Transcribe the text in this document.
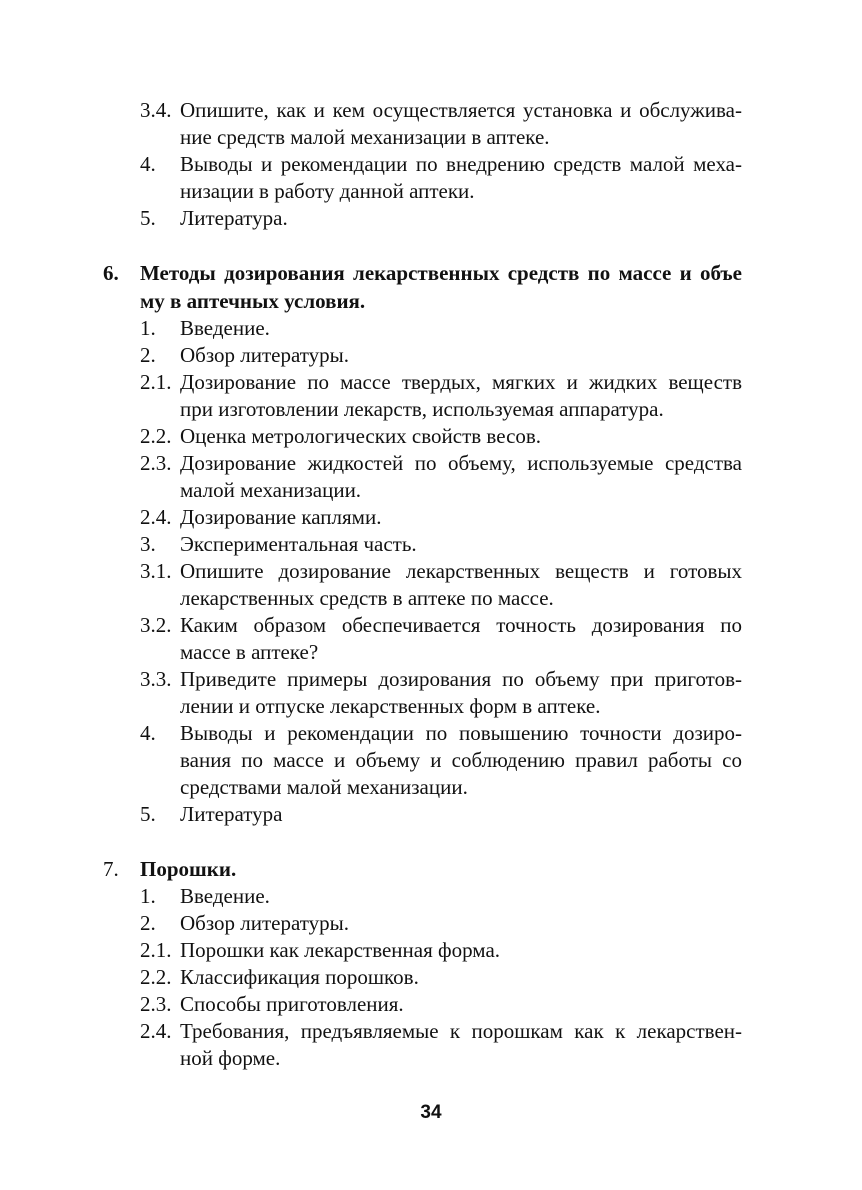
3.4. Опишите, как и кем осуществляется установка и обслужива-
ние средств малой механизации в аптеке.
4. Выводы и рекомендации по внедрению средств малой меха-
низации в работу данной аптеки.
5. Литература.
6. Методы дозирования лекарственных средств по массе и объе
му в аптечных условия.
1. Введение.
2. Обзор литературы.
2.1. Дозирование по массе твердых, мягких и жидких веществ
при изготовлении лекарств, используемая аппаратура.
2.2. Оценка метрологических свойств весов.
2.3. Дозирование жидкостей по объему, используемые средства
малой механизации.
2.4. Дозирование каплями.
3. Экспериментальная часть.
3.1. Опишите дозирование лекарственных веществ и готовых
лекарственных средств в аптеке по массе.
3.2. Каким образом обеспечивается точность дозирования по
массе в аптеке?
3.3. Приведите примеры дозирования по объему при приготов-
лении и отпуске лекарственных форм в аптеке.
4. Выводы и рекомендации по повышению точности дозиро-
вания по массе и объему и соблюдению правил работы со
средствами малой механизации.
5. Литература
7. Порошки.
1. Введение.
2. Обзор литературы.
2.1. Порошки как лекарственная форма.
2.2. Классификация порошков.
2.3. Способы приготовления.
2.4. Требования, предъявляемые к порошкам как к лекарствен-
ной форме.
34
